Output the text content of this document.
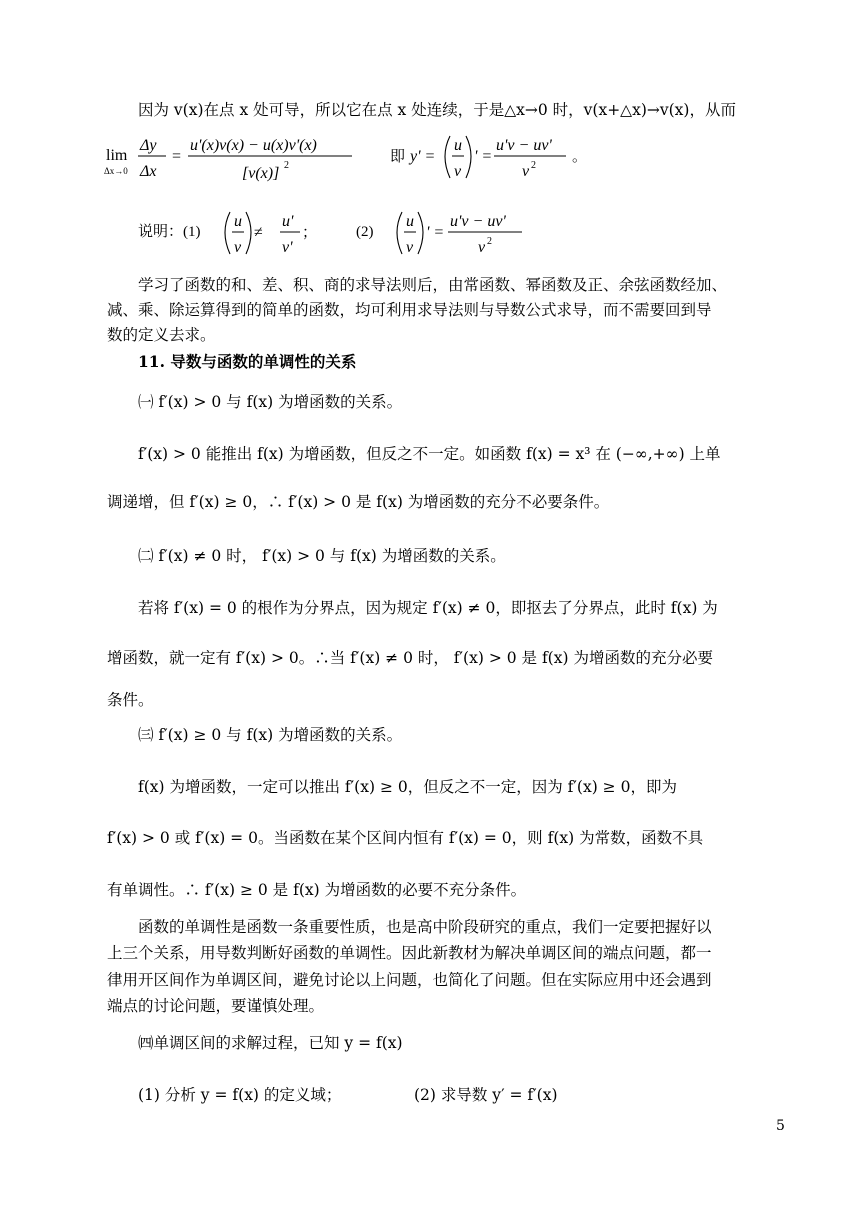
因为 v(x)在点 x 处可导，所以它在点 x 处连续，于是△x→0 时，v(x+△x)→v(x)，从而
lim
Δx→0
Δy
Δx
=
u'(x)v(x) − u(x)v'(x)
[v(x)] 2
即 y' =
u
v
' =
u'v − uv'
v 2
。
说明：(1)
u
v
≠
u'
v'
；	(2)
u
v
' =
u'v − uv'
v 2
学习了函数的和、差、积、商的求导法则后，由常函数、幂函数及正、余弦函数经加、
减、乘、除运算得到的简单的函数，均可利用求导法则与导数公式求导，而不需要回到导
数的定义去求。
11. 导数与函数的单调性的关系
㈠ f′(x) > 0 与 f(x) 为增函数的关系。
f′(x) > 0 能推出 f(x) 为增函数，但反之不一定。如函数 f(x) = x³ 在 (−∞,+∞) 上单
调递增，但 f′(x) ≥ 0，∴ f′(x) > 0 是 f(x) 为增函数的充分不必要条件。
㈡ f′(x) ≠ 0 时， f′(x) > 0 与 f(x) 为增函数的关系。
若将 f′(x) = 0 的根作为分界点，因为规定 f′(x) ≠ 0，即抠去了分界点，此时 f(x) 为
增函数，就一定有 f′(x) > 0。∴当 f′(x) ≠ 0 时， f′(x) > 0 是 f(x) 为增函数的充分必要
条件。
㈢ f′(x) ≥ 0 与 f(x) 为增函数的关系。
f(x) 为增函数，一定可以推出 f′(x) ≥ 0，但反之不一定，因为 f′(x) ≥ 0，即为
f′(x) > 0 或 f′(x) = 0。当函数在某个区间内恒有 f′(x) = 0，则 f(x) 为常数，函数不具
有单调性。∴ f′(x) ≥ 0 是 f(x) 为增函数的必要不充分条件。
函数的单调性是函数一条重要性质，也是高中阶段研究的重点，我们一定要把握好以
上三个关系，用导数判断好函数的单调性。因此新教材为解决单调区间的端点问题，都一
律用开区间作为单调区间，避免讨论以上问题，也简化了问题。但在实际应用中还会遇到
端点的讨论问题，要谨慎处理。
㈣单调区间的求解过程，已知 y = f(x)
(1) 分析 y = f(x) 的定义域；	(2) 求导数 y′ = f′(x)
5
